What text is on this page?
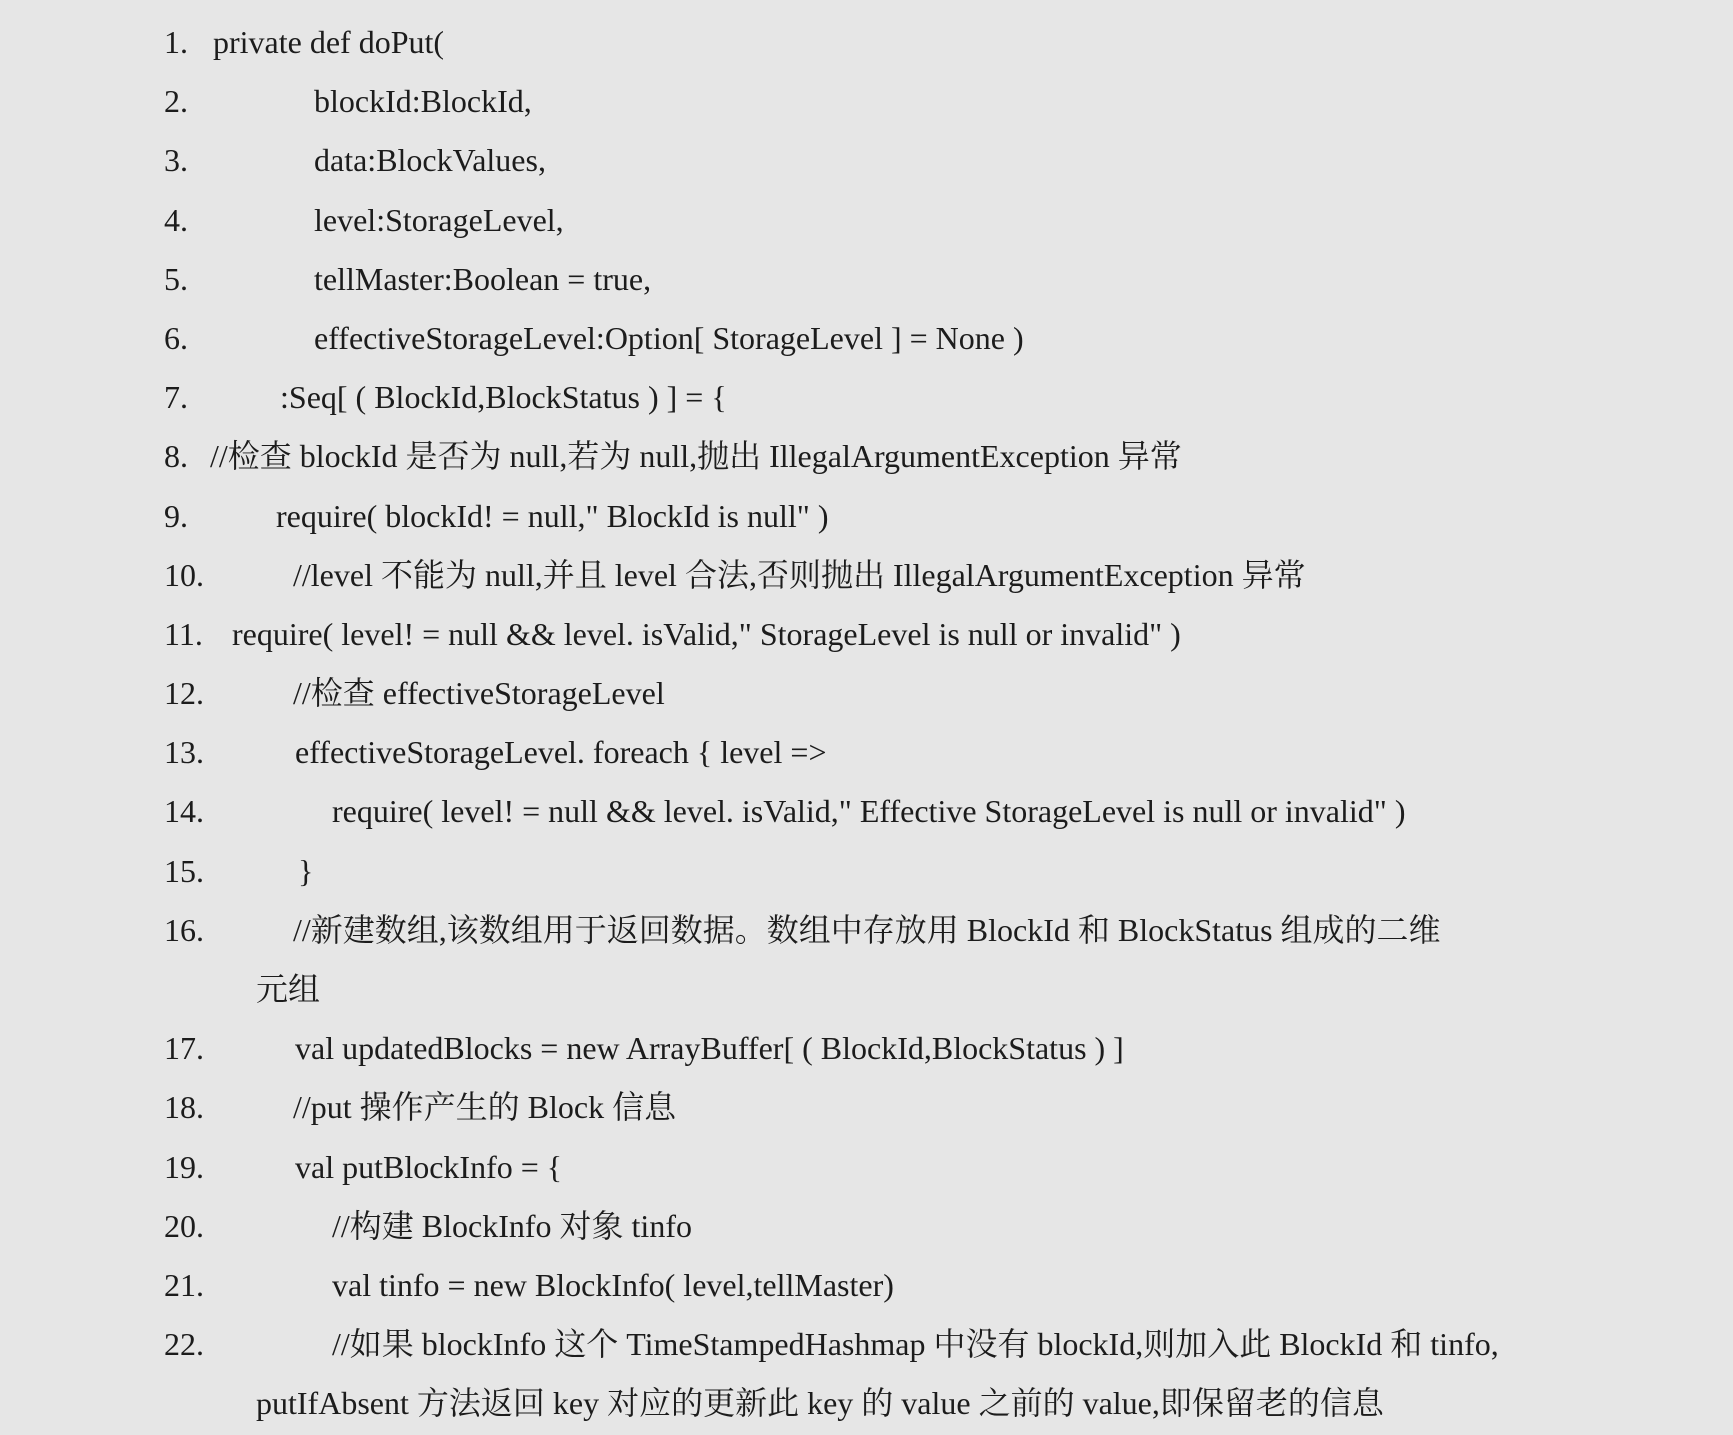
1. private def doPut(
2.	blockId:BlockId,
3.	data:BlockValues,
4.	level:StorageLevel,
5.	tellMaster:Boolean = true,
6.	effectiveStorageLevel:Option[ StorageLevel ] = None )
7.	:Seq[ ( BlockId,BlockStatus ) ] = {
8. //检查 blockId 是否为 null,若为 null,抛出 IllegalArgumentException 异常
9.	require( blockId! = null," BlockId is null" )
10.	//level 不能为 null,并且 level 合法,否则抛出 IllegalArgumentException 异常
11. require( level! = null && level. isValid," StorageLevel is null or invalid" )
12.	//检查 effectiveStorageLevel
13.	effectiveStorageLevel. foreach { level =>
14.	require( level! = null && level. isValid," Effective StorageLevel is null or invalid" )
15.	}
16.	//新建数组,该数组用于返回数据。数组中存放用 BlockId 和 BlockStatus 组成的二维
元组
17.	val updatedBlocks = new ArrayBuffer[ ( BlockId,BlockStatus ) ]
18.	//put 操作产生的 Block 信息
19.	val putBlockInfo = {
20.	//构建 BlockInfo 对象 tinfo
21.	val tinfo = new BlockInfo( level,tellMaster)
22.	//如果 blockInfo 这个 TimeStampedHashmap 中没有 blockId,则加入此 BlockId 和 tinfo,
putIfAbsent 方法返回 key 对应的更新此 key 的 value 之前的 value,即保留老的信息
